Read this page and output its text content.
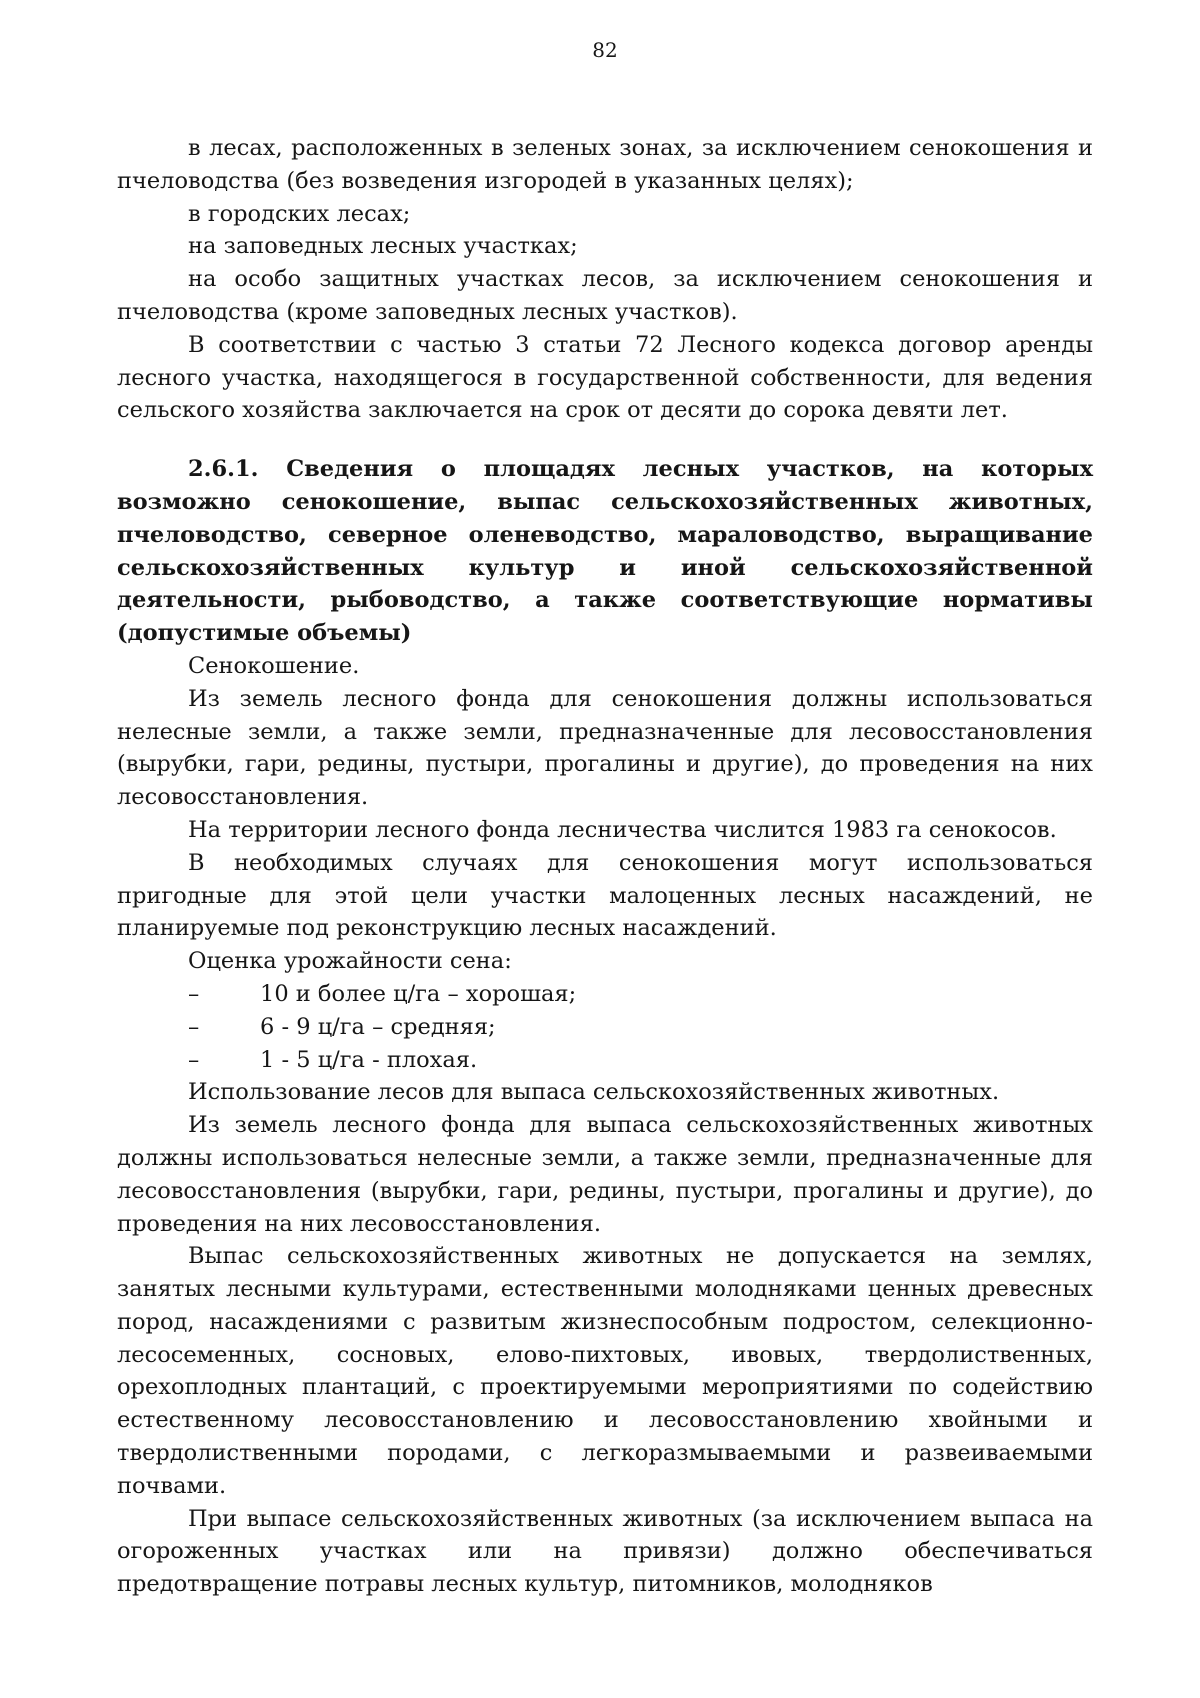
82

в лесах, расположенных в зеленых зонах, за исключением сенокошения и пчеловодства (без возведения изгородей в указанных целях);

в городских лесах;

на заповедных лесных участках;

на особо защитных участках лесов, за исключением сенокошения и пчеловодства (кроме заповедных лесных участков).

В соответствии с частью 3 статьи 72 Лесного кодекса договор аренды лесного участка, находящегося в государственной собственности, для ведения сельского хозяйства заключается на срок от десяти до сорока девяти лет.

2.6.1. Сведения о площадях лесных участков, на которых возможно сенокошение, выпас сельскохозяйственных животных, пчеловодство, северное оленеводство, мараловодство, выращивание сельскохозяйственных культур и иной сельскохозяйственной деятельности, рыбоводство, а также соответствующие нормативы (допустимые объемы)

Сенокошение.

Из земель лесного фонда для сенокошения должны использоваться нелесные земли, а также земли, предназначенные для лесовосстановления (вырубки, гари, редины, пустыри, прогалины и другие), до проведения на них лесовосстановления.

На территории лесного фонда лесничества числится 1983 га сенокосов.

В необходимых случаях для сенокошения могут использоваться пригодные для этой цели участки малоценных лесных насаждений, не планируемые под реконструкцию лесных насаждений.

Оценка урожайности сена:

–	10 и более ц/га – хорошая;

–	6 - 9 ц/га – средняя;

–	1 - 5 ц/га - плохая.

Использование лесов для выпаса сельскохозяйственных животных.

Из земель лесного фонда для выпаса сельскохозяйственных животных должны использоваться нелесные земли, а также земли, предназначенные для лесовосстановления (вырубки, гари, редины, пустыри, прогалины и другие), до проведения на них лесовосстановления.

Выпас сельскохозяйственных животных не допускается на землях, занятых лесными культурами, естественными молодняками ценных древесных пород, насаждениями с развитым жизнеспособным подростом, селекционно-лесосеменных, сосновых, елово-пихтовых, ивовых, твердолиственных, орехоплодных плантаций, с проектируемыми мероприятиями по содействию естественному лесовосстановлению и лесовосстановлению хвойными и твердолиственными породами, с легкоразмываемыми и развеиваемыми почвами.

При выпасе сельскохозяйственных животных (за исключением выпаса на огороженных участках или на привязи) должно обеспечиваться предотвращение потравы лесных культур, питомников, молодняков
